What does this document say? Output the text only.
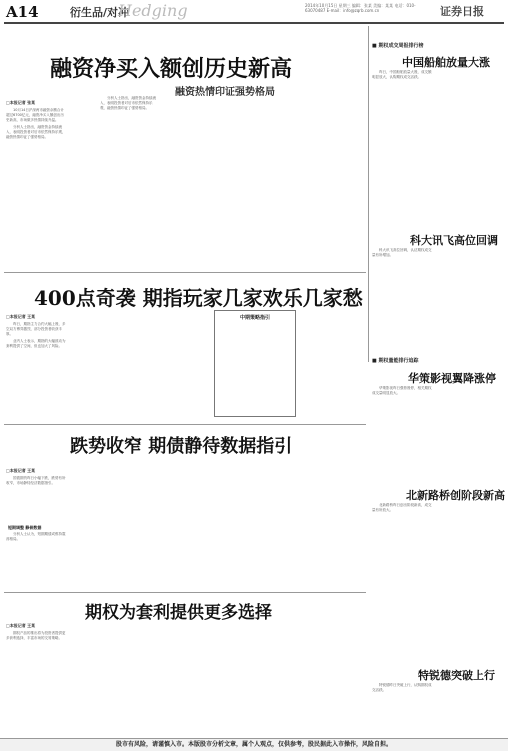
A14	衍生品/对冲
Hedging	2014年10月15日 星期三 编辑：张某 美编：某某 电话：010-63070487 E-mail：info@zqrb.com.cn	证券日报
融资净买入额创历史新高
融资热情印证强势格局
□本报记者 张某

10月14日沪深两市融资余额合计超过6700亿元，融资净买入额创出历史新高，市场做多热情持续升温。

分析人士指出，融资资金持续流入，表明投资者对后市依然保持乐观，融资热情印证了强势格局。

分析人士指出，融资资金持续流入，表明投资者对后市依然保持乐观，融资热情印证了强势格局。

400点奇袭 期指玩家几家欢乐几家愁
□本报记者 王某

昨日，期指主力合约大幅上涨，多空双方博弈激烈，部分投资者收获丰厚。

业内人士表示，期指的大幅波动为套利提供了空间，但也加大了风险。

中期策略指引
跌势收窄 期债静待数据指引
□本报记者 王某
短期调整 静候数据

国债期货昨日小幅下跌，跌势有所收窄，市场静待经济数据指引。

分析人士认为，短期期债或维持震荡格局。

期权为套利提供更多选择
□本报记者 王某

期权产品的推出将为投资者提供更多套利选择，丰富市场的交易策略。

■ 期权成交周报排行榜
中国船舶放量大涨

昨日，中国船舶放量大涨，成交额明显放大，认购期权成交活跃。

科大讯飞高位回调

科大讯飞高位回调，认沽期权成交量有所增加。

■ 期权量能排行追踪
华策影视翼降涨停

华策影视昨日强势涨停，相关期权成交量明显放大。

北新路桥创阶段新高

北新路桥昨日创出阶段新高，成交量有所放大。

特锐德突破上行

特锐德昨日突破上行，认购期权成交活跃。

股市有风险，请谨慎入市。本版股市分析文章，属个人观点，仅供参考，股民据此入市操作，风险自担。
